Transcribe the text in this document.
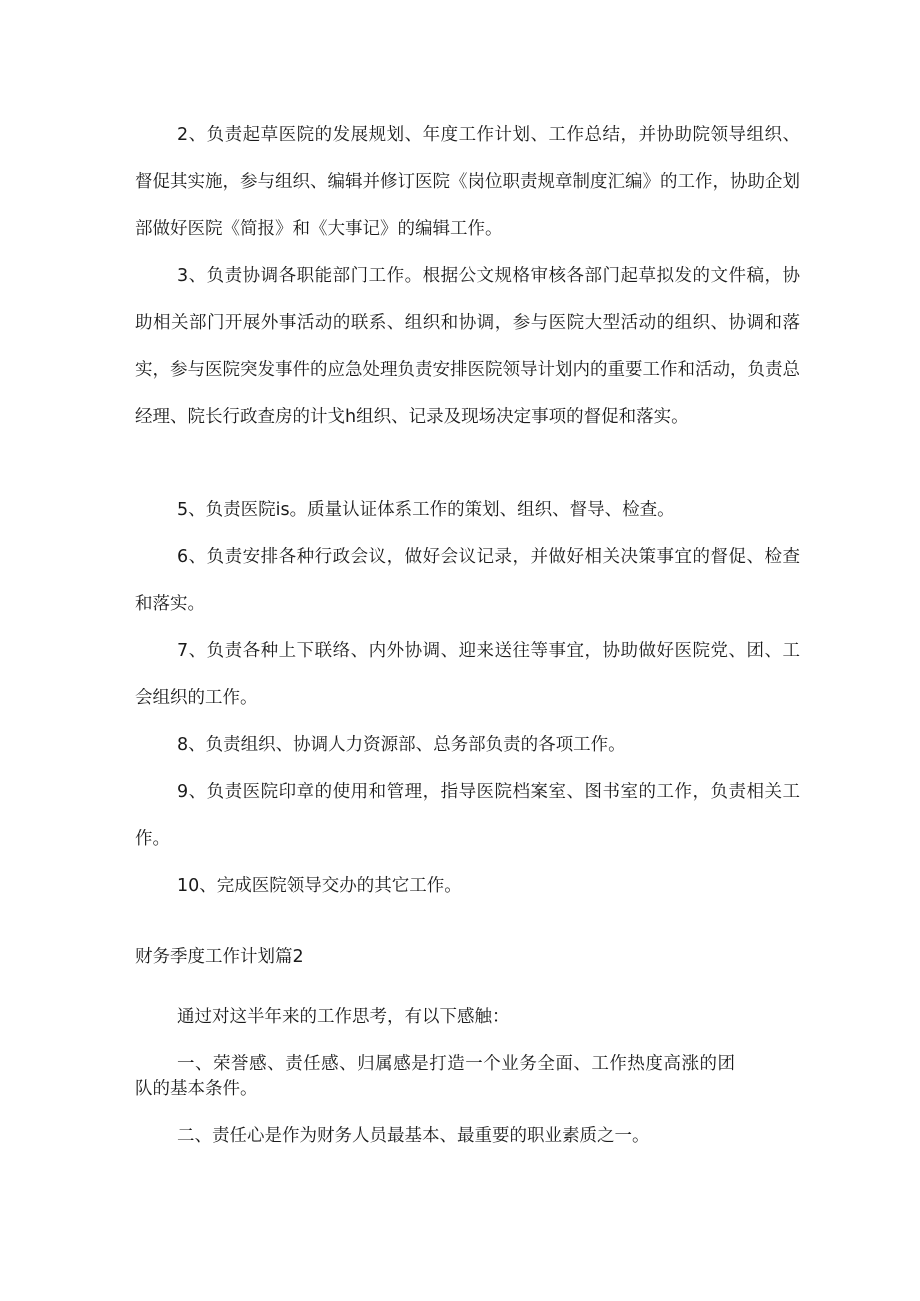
2、负责起草医院的发展规划、年度工作计划、工作总结，并协助院领导组织、督促其实施，参与组织、编辑并修订医院《岗位职责规章制度汇编》的工作，协助企划部做好医院《简报》和《大事记》的编辑工作。

3、负责协调各职能部门工作。根据公文规格审核各部门起草拟发的文件稿，协助相关部门开展外事活动的联系、组织和协调，参与医院大型活动的组织、协调和落实，参与医院突发事件的应急处理负责安排医院领导计划内的重要工作和活动，负责总经理、院长行政查房的计戈h组织、记录及现场决定事项的督促和落实。

5、负责医院is。质量认证体系工作的策划、组织、督导、检查。

6、负责安排各种行政会议，做好会议记录，并做好相关决策事宜的督促、检查和落实。

7、负责各种上下联络、内外协调、迎来送往等事宜，协助做好医院党、团、工会组织的工作。

8、负责组织、协调人力资源部、总务部负责的各项工作。

9、负责医院印章的使用和管理，指导医院档案室、图书室的工作，负责相关工作。

10、完成医院领导交办的其它工作。

财务季度工作计划篇2

通过对这半年来的工作思考，有以下感触：

一、荣誉感、责任感、归属感是打造一个业务全面、工作热度高涨的团队的基本条件。

二、责任心是作为财务人员最基本、最重要的职业素质之一。
